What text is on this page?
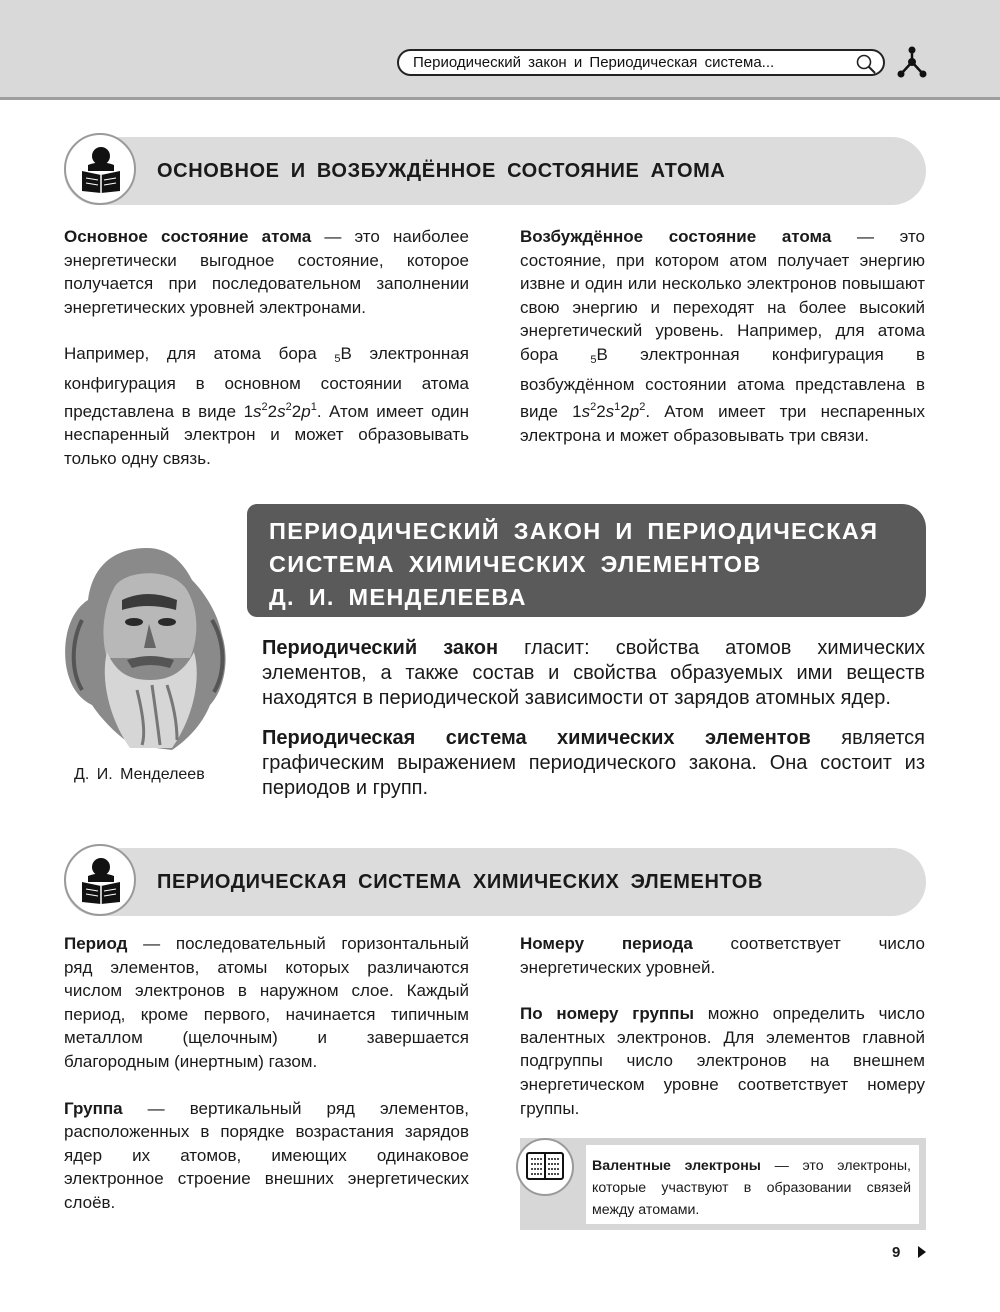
Периодический закон и Периодическая система...
ОСНОВНОЕ И ВОЗБУЖДЁННОЕ СОСТОЯНИЕ АТОМА

Основное состояние атома — это наиболее энергетически выгодное состояние, которое получается при последовательном заполнении энергетических уровней электронами.

Например, для атома бора $_5$B электронная конфигурация в основном состоянии атома представлена в виде $1s^22s^22p^1$. Атом имеет один неспаренный электрон и может образовывать только одну связь.

Возбуждённое состояние атома — это состояние, при котором атом получает энергию извне и один или несколько электронов повышают свою энергию и переходят на более высокий энергетический уровень. Например, для атома бора $_5$B электронная конфигурация в возбуждённом состоянии атома представлена в виде $1s^22s^12p^2$. Атом имеет три неспаренных электрона и может образовывать три связи.

Д. И. Менделеев
ПЕРИОДИЧЕСКИЙ ЗАКОН И ПЕРИОДИЧЕСКАЯ
СИСТЕМА ХИМИЧЕСКИХ ЭЛЕМЕНТОВ
Д. И. МЕНДЕЛЕЕВА

Периодический закон гласит: свойства атомов химических элементов, а также состав и свойства образуемых ими веществ находятся в периодической зависимости от зарядов атомных ядер.

Периодическая система химических элементов является графическим выражением периодического закона. Она состоит из периодов и групп.

ПЕРИОДИЧЕСКАЯ СИСТЕМА ХИМИЧЕСКИХ ЭЛЕМЕНТОВ

Период — последовательный горизонтальный ряд элементов, атомы которых различаются числом электронов в наружном слое. Каждый период, кроме первого, начинается типичным металлом (щелочным) и завершается благородным (инертным) газом.

Группа — вертикальный ряд элементов, расположенных в порядке возрастания зарядов ядер их атомов, имеющих одинаковое электронное строение внешних энергетических слоёв.

Номеру периода соответствует число энергетических уровней.

По номеру группы можно определить число валентных электронов. Для элементов главной подгруппы число электронов на внешнем энергетическом уровне соответствует номеру группы.

Валентные электроны — это электроны, которые участвуют в образовании связей между атомами.
9
